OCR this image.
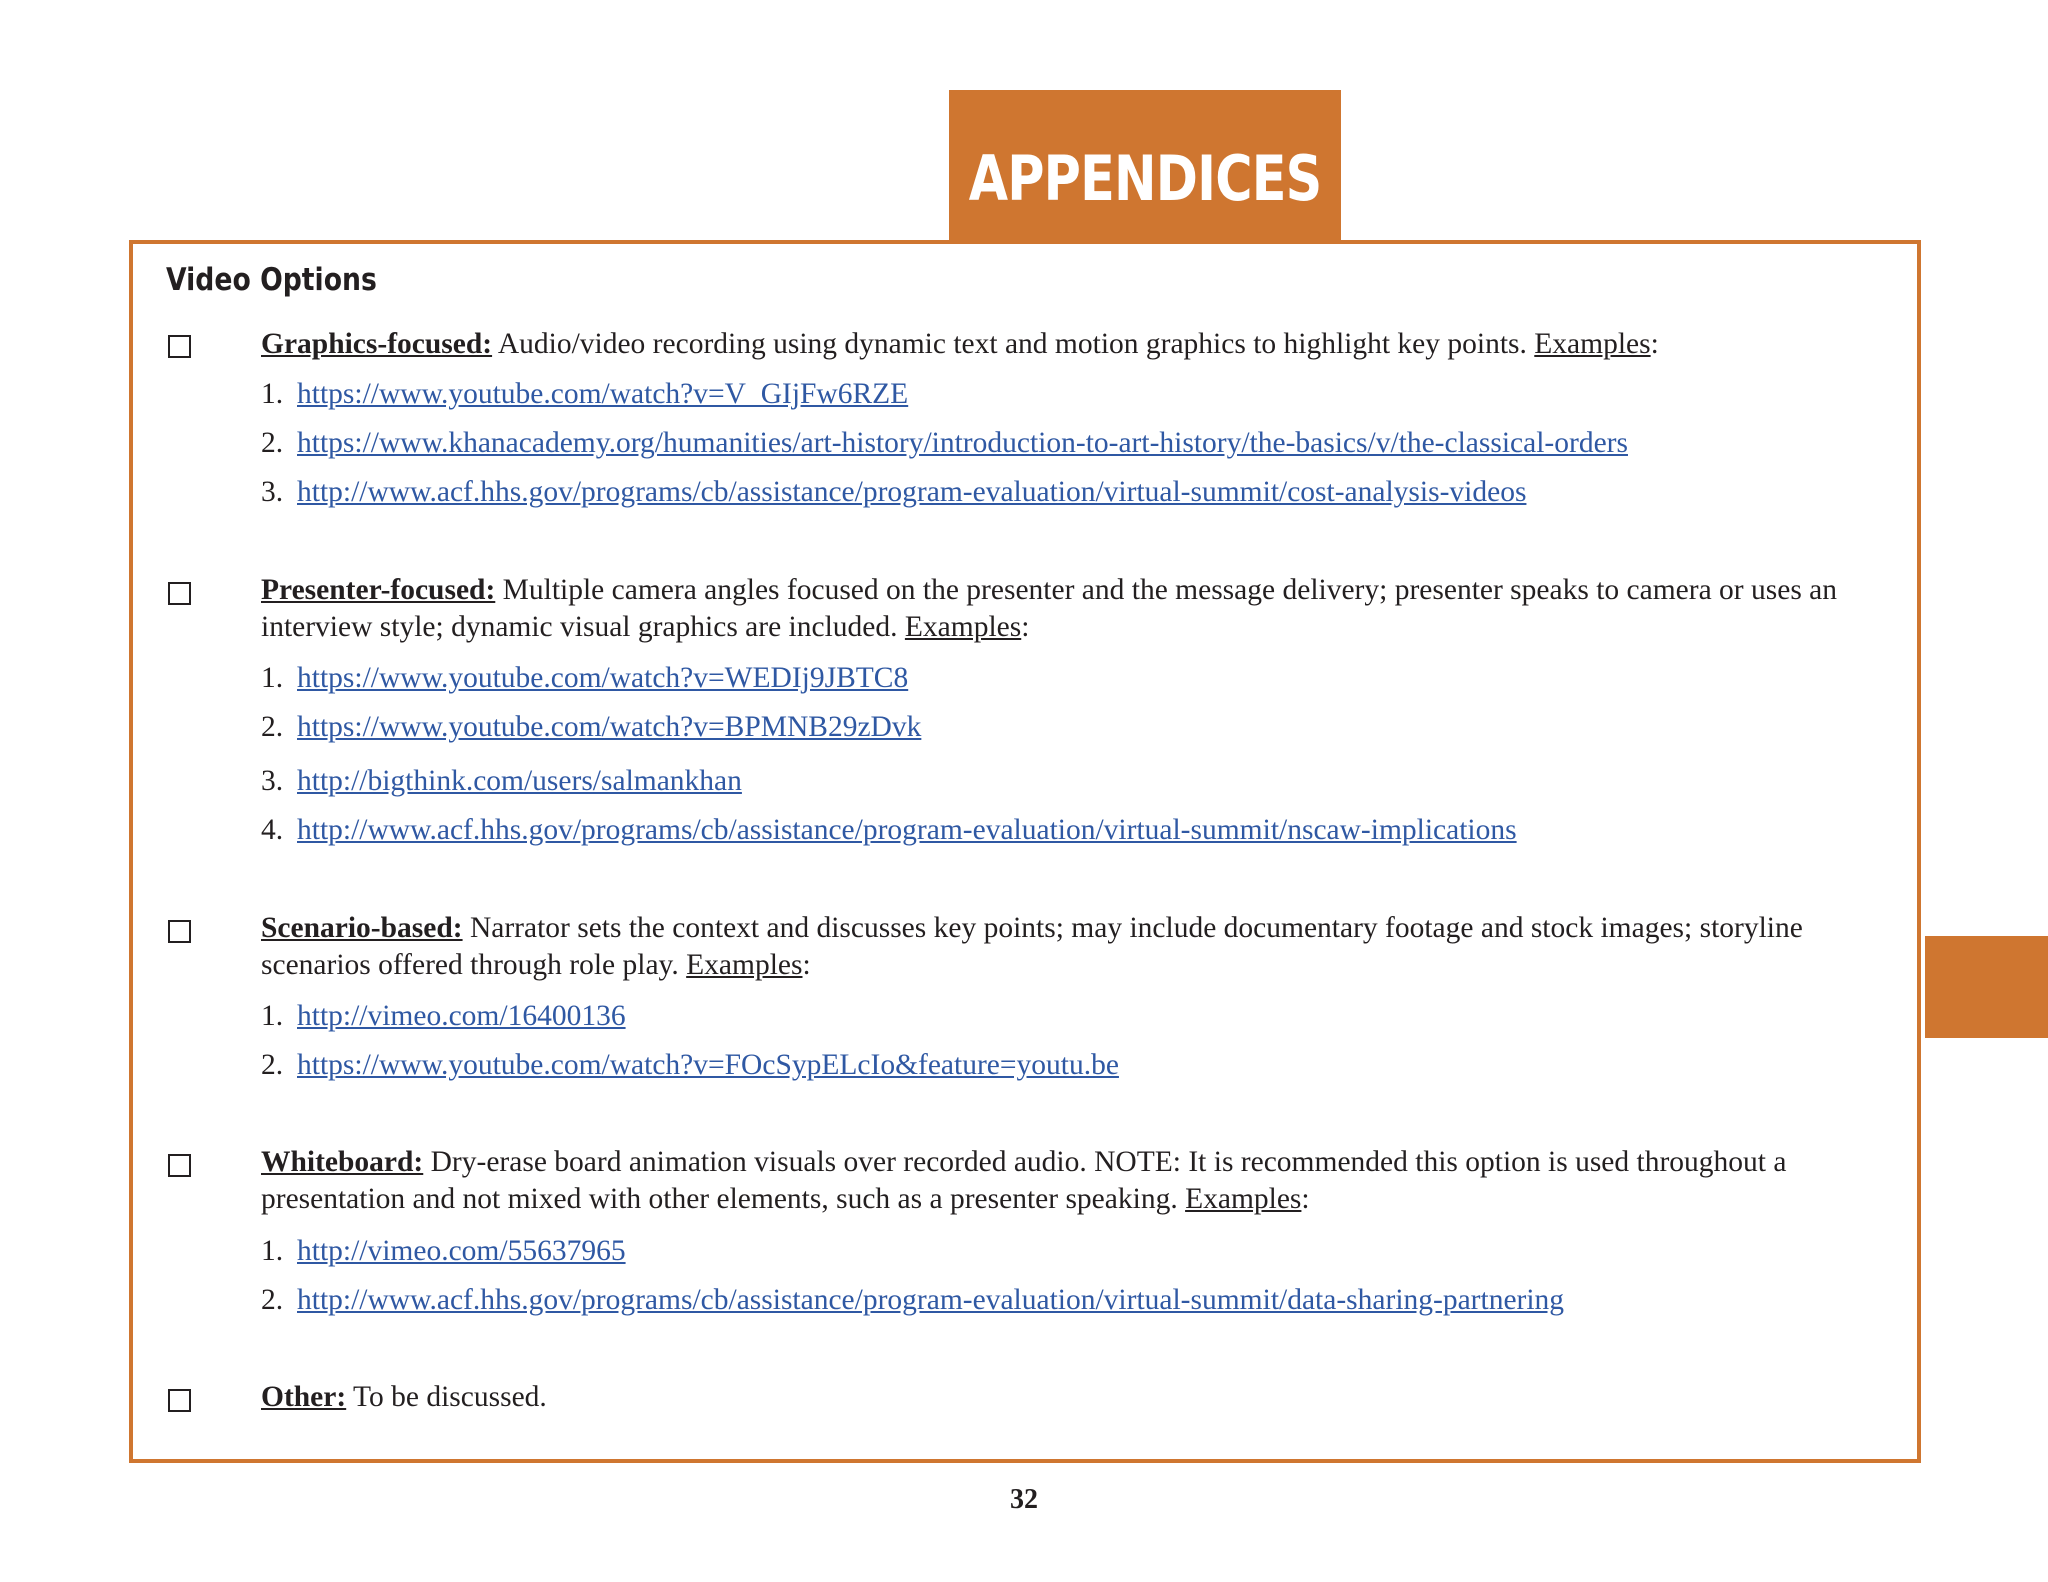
APPENDICES
Video Options

Graphics-focused: Audio/video recording using dynamic text and motion graphics to highlight key points. Examples:

1. https://www.youtube.com/watch?v=V_GIjFw6RZE
2. https://www.khanacademy.org/humanities/art-history/introduction-to-art-history/the-basics/v/the-classical-orders
3. http://www.acf.hhs.gov/programs/cb/assistance/program-evaluation/virtual-summit/cost-analysis-videos

Presenter-focused: Multiple camera angles focused on the presenter and the message delivery; presenter speaks to camera or uses an interview style; dynamic visual graphics are included. Examples:

1. https://www.youtube.com/watch?v=WEDIj9JBTC8
2. https://www.youtube.com/watch?v=BPMNB29zDvk
3. http://bigthink.com/users/salmankhan
4. http://www.acf.hhs.gov/programs/cb/assistance/program-evaluation/virtual-summit/nscaw-implications

Scenario-based: Narrator sets the context and discusses key points; may include documentary footage and stock images; storyline scenarios offered through role play. Examples:

1. http://vimeo.com/16400136
2. https://www.youtube.com/watch?v=FOcSypELcIo&feature=youtu.be

Whiteboard: Dry-erase board animation visuals over recorded audio. NOTE: It is recommended this option is used throughout a presentation and not mixed with other elements, such as a presenter speaking. Examples:

1. http://vimeo.com/55637965
2. http://www.acf.hhs.gov/programs/cb/assistance/program-evaluation/virtual-summit/data-sharing-partnering

Other: To be discussed.

32
